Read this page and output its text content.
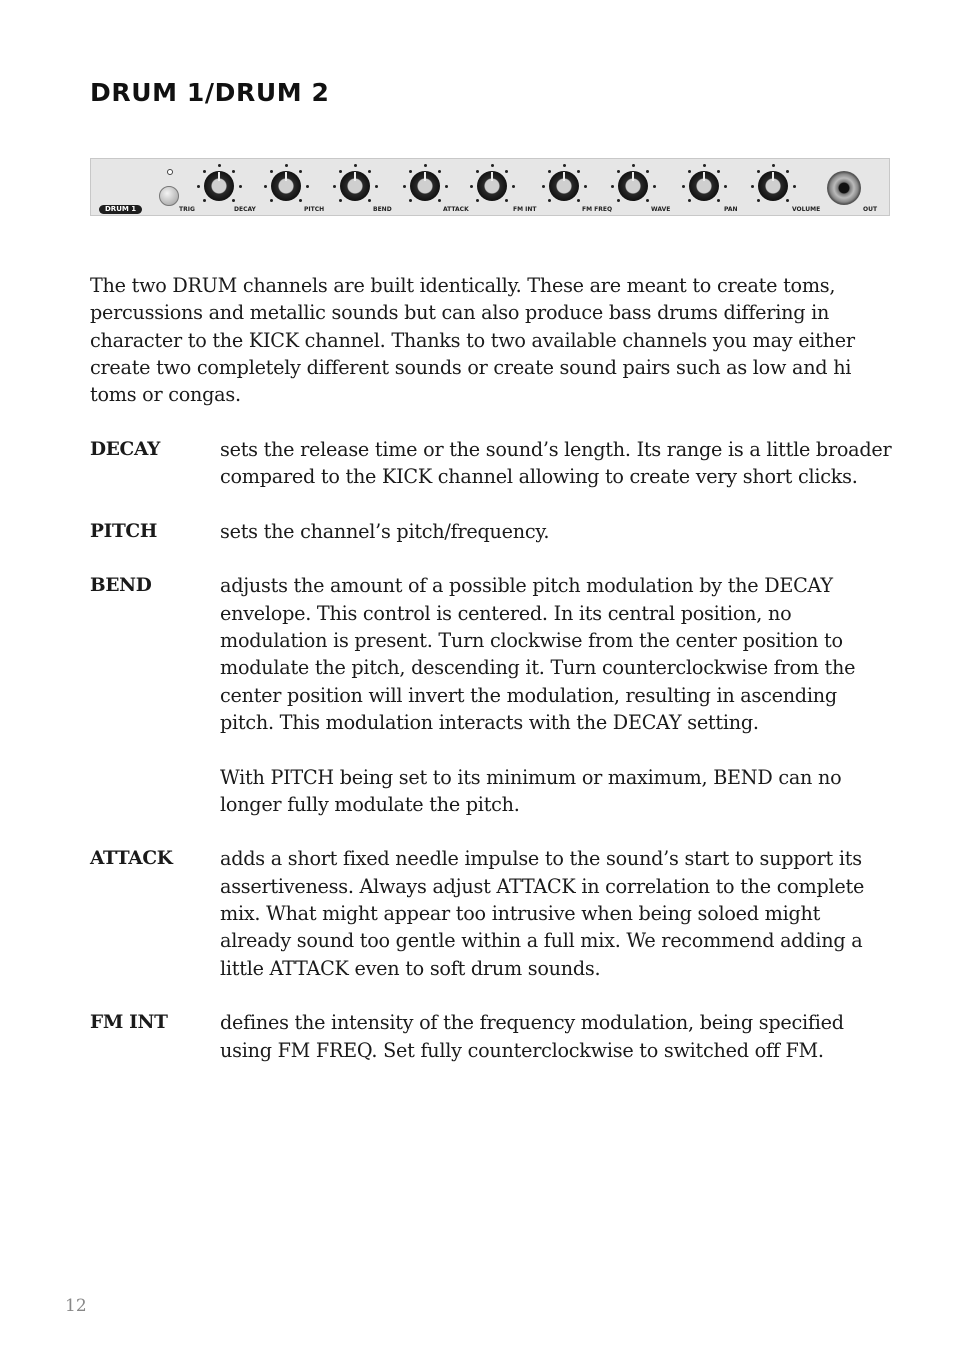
DRUM 1/DRUM 2
DRUM 1	TRIG	DECAY	PITCH	BEND	ATTACK	FM INT	FM FREQ	WAVE	PAN	VOLUME	OUT

The two DRUM channels are built identically. These are meant to create toms, percussions and metallic sounds but can also produce bass drums differing in character to the KICK channel. Thanks to two available channels you may either create two completely different sounds or create sound pairs such as low and hi toms or congas.

DECAY	sets the release time or the sound’s length. Its range is a little broader compared to the KICK channel allowing to create very short clicks.

PITCH	sets the channel’s pitch/frequency.

BEND	adjusts the amount of a possible pitch modulation by the DECAY envelope. This control is centered. In its central position, no modulation is present. Turn clockwise from the center position to modulate the pitch, descending it. Turn counterclockwise from the center position will invert the modulation, resulting in ascending pitch. This modulation interacts with the DECAY setting.

With PITCH being set to its minimum or maximum, BEND can no longer fully modulate the pitch.

ATTACK adds a short fixed needle impulse to the sound’s start to support its assertiveness. Always adjust ATTACK in correlation to the complete mix. What might appear too intrusive when being soloed might already sound too gentle within a full mix. We recommend adding a little ATTACK even to soft drum sounds.

FM INT	defines the intensity of the frequency modulation, being specified using FM FREQ. Set fully counterclockwise to switched off FM.

12
